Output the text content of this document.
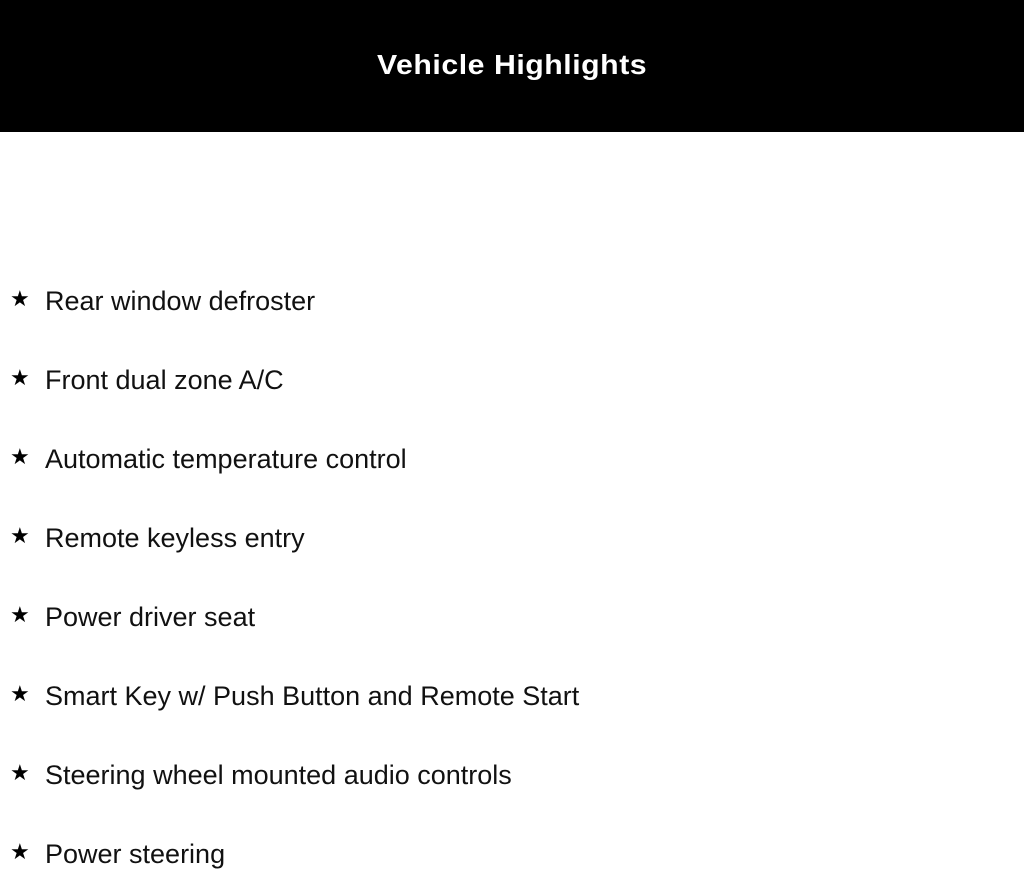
Vehicle Highlights
★ Rear window defroster
★ Front dual zone A/C
★ Automatic temperature control
★ Remote keyless entry
★ Power driver seat
★ Smart Key w/ Push Button and Remote Start
★ Steering wheel mounted audio controls
★ Power steering
